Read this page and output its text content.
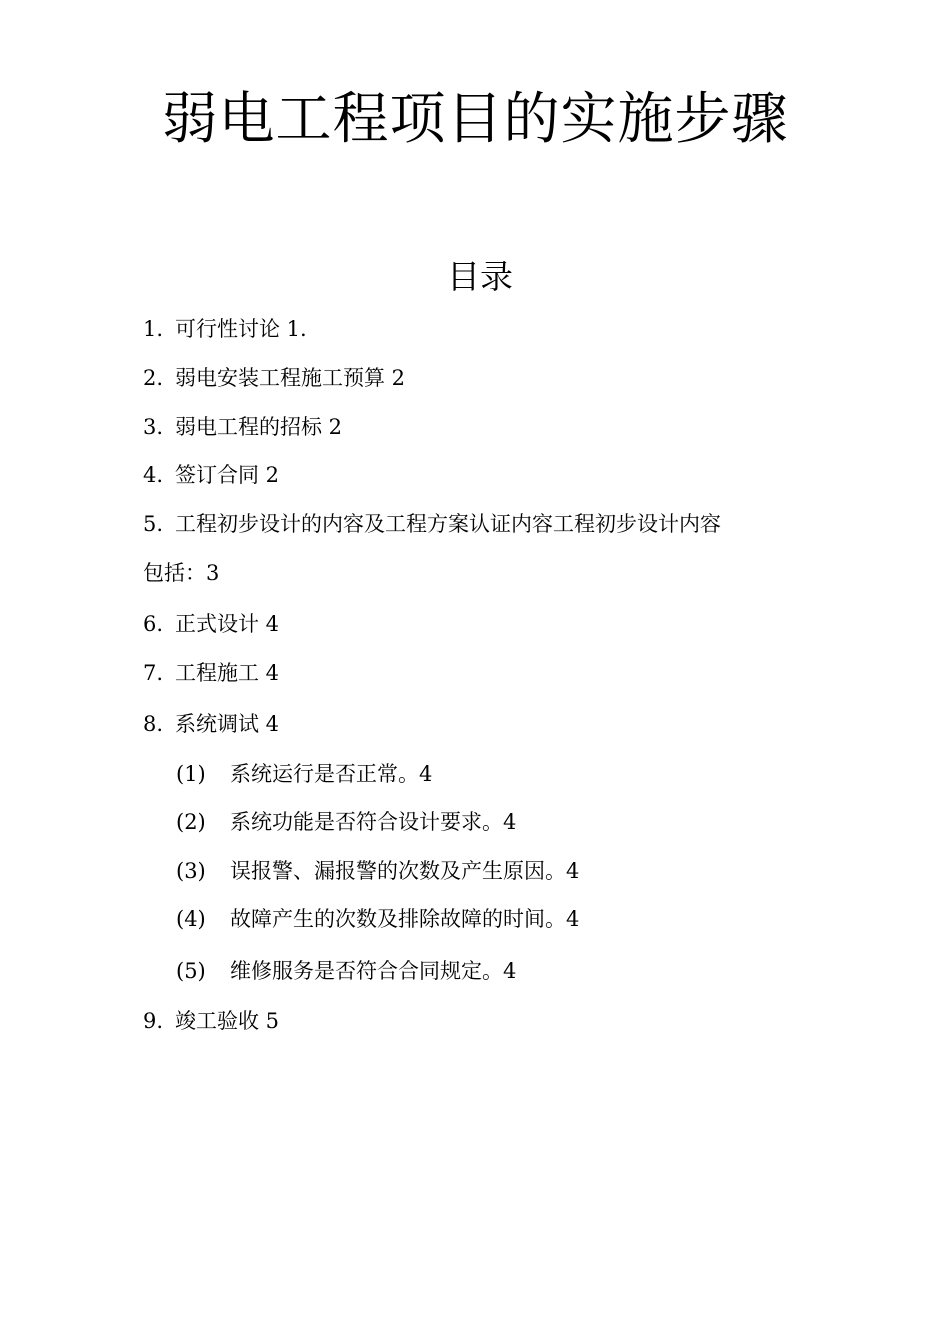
弱电工程项目的实施步骤
目录
1. 可行性讨论 1.
2. 弱电安装工程施工预算 2
3. 弱电工程的招标 2
4. 签订合同 2
5. 工程初步设计的内容及工程方案认证内容工程初步设计内容
包括：3
6. 正式设计 4
7. 工程施工 4
8. 系统调试 4
(1) 系统运行是否正常。4
(2) 系统功能是否符合设计要求。4
(3) 误报警、漏报警的次数及产生原因。4
(4) 故障产生的次数及排除故障的时间。4
(5) 维修服务是否符合合同规定。4
9. 竣工验收 5
